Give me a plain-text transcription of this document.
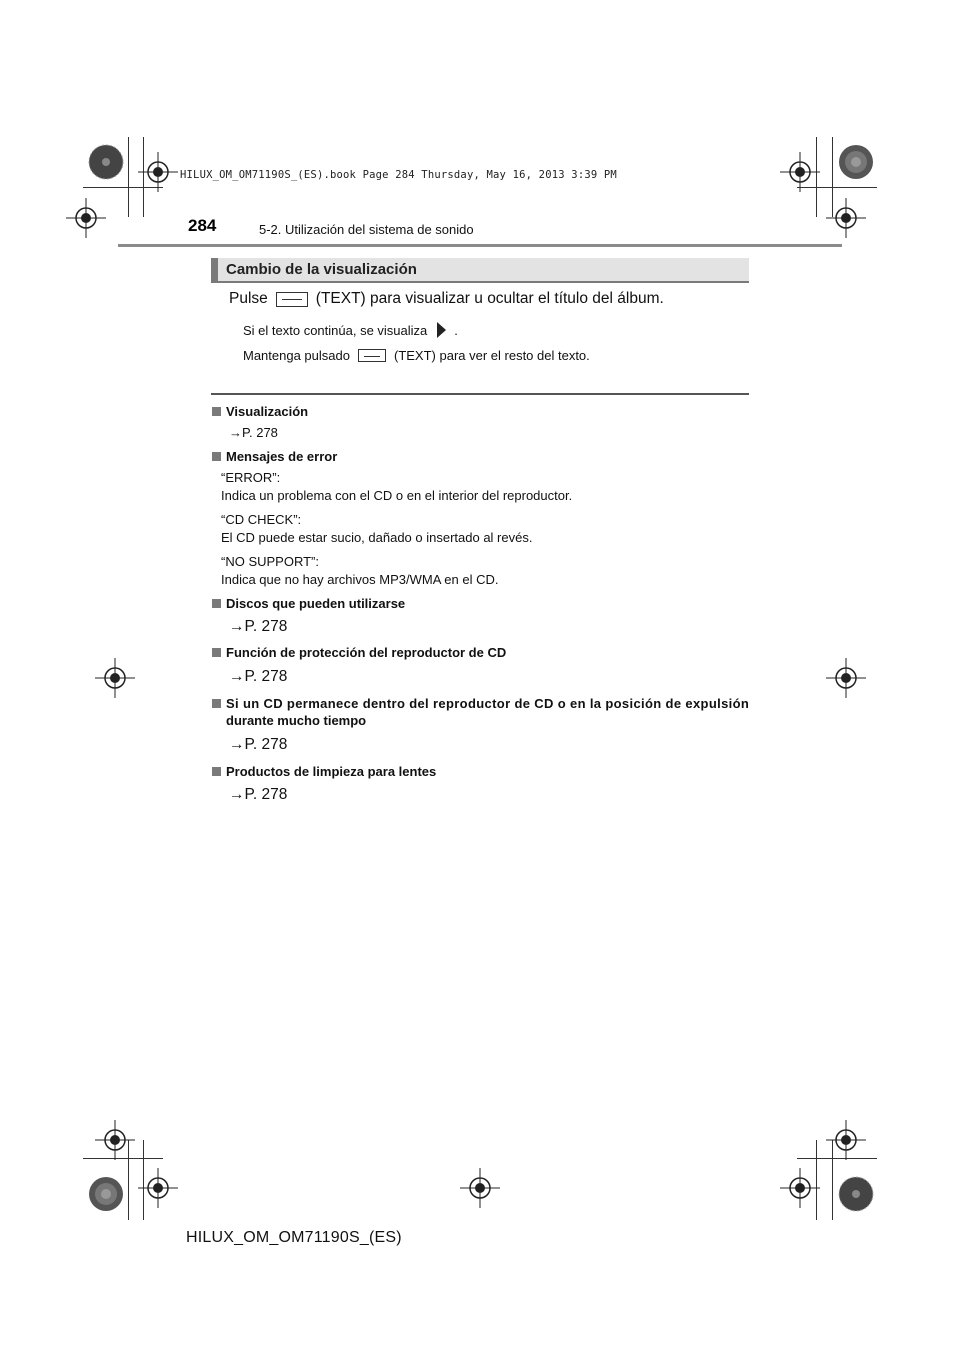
HILUX_OM_OM71190S_(ES).book Page 284 Thursday, May 16, 2013 3:39 PM
284	5-2. Utilización del sistema de sonido
Cambio de la visualización
Pulse	(TEXT) para visualizar u ocultar el título del álbum.
Si el texto continúa, se visualiza .
Mantenga pulsado	(TEXT) para ver el resto del texto.
Visualización
→P. 278
Mensajes de error
“ERROR”:
Indica un problema con el CD o en el interior del reproductor.
“CD CHECK”:
El CD puede estar sucio, dañado o insertado al revés.
“NO SUPPORT”:
Indica que no hay archivos MP3/WMA en el CD.
Discos que pueden utilizarse
→P. 278
Función de protección del reproductor de CD
→P. 278
Si un CD permanece dentro del reproductor de CD o en la posición de expulsión
durante mucho tiempo
→P. 278
Productos de limpieza para lentes
→P. 278
HILUX_OM_OM71190S_(ES)
